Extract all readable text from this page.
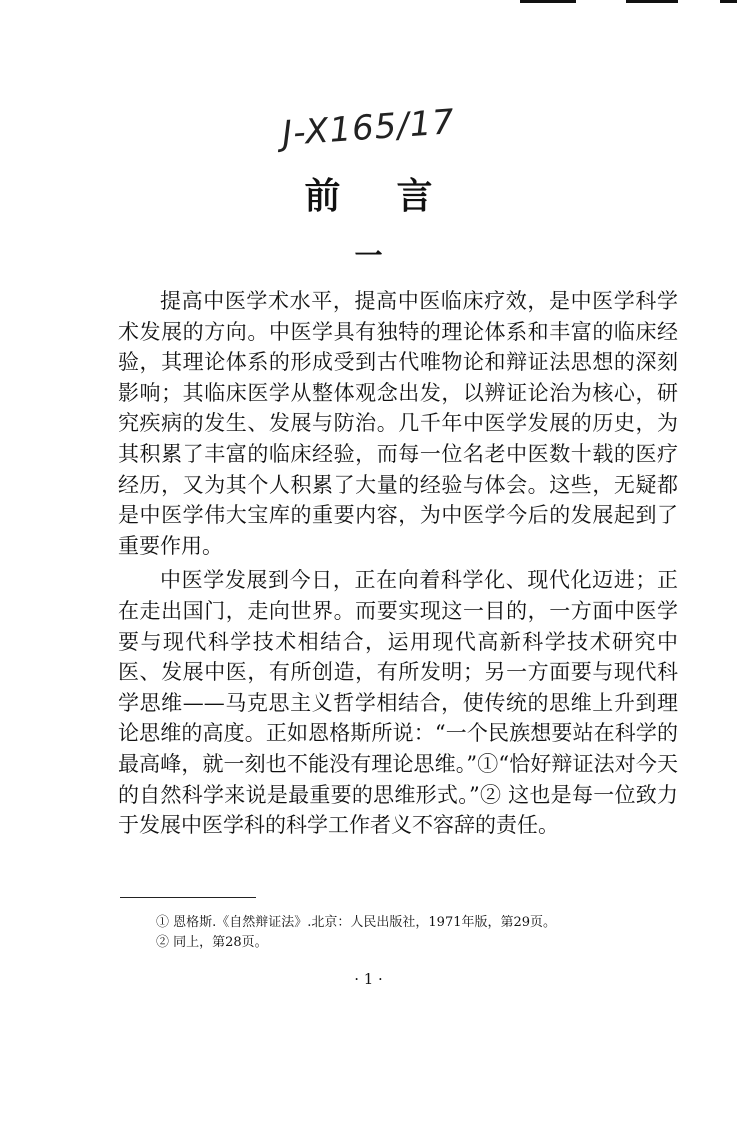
J-X165/17
前言
一

提高中医学术水平，提高中医临床疗效，是中医学科学术发展的方向。中医学具有独特的理论体系和丰富的临床经验，其理论体系的形成受到古代唯物论和辩证法思想的深刻影响；其临床医学从整体观念出发，以辨证论治为核心，研究疾病的发生、发展与防治。几千年中医学发展的历史，为其积累了丰富的临床经验，而每一位名老中医数十载的医疗经历，又为其个人积累了大量的经验与体会。这些，无疑都是中医学伟大宝库的重要内容，为中医学今后的发展起到了重要作用。

中医学发展到今日，正在向着科学化、现代化迈进；正在走出国门，走向世界。而要实现这一目的，一方面中医学要与现代科学技术相结合，运用现代高新科学技术研究中医、发展中医，有所创造，有所发明；另一方面要与现代科学思维——马克思主义哲学相结合，使传统的思维上升到理论思维的高度。正如恩格斯所说：“一个民族想要站在科学的最高峰，就一刻也不能没有理论思维。”①“恰好辩证法对今天的自然科学来说是最重要的思维形式。”② 这也是每一位致力于发展中医学科的科学工作者义不容辞的责任。

① 恩格斯.《自然辩证法》.北京：人民出版社，1971年版，第29页。
② 同上，第28页。
· 1 ·
